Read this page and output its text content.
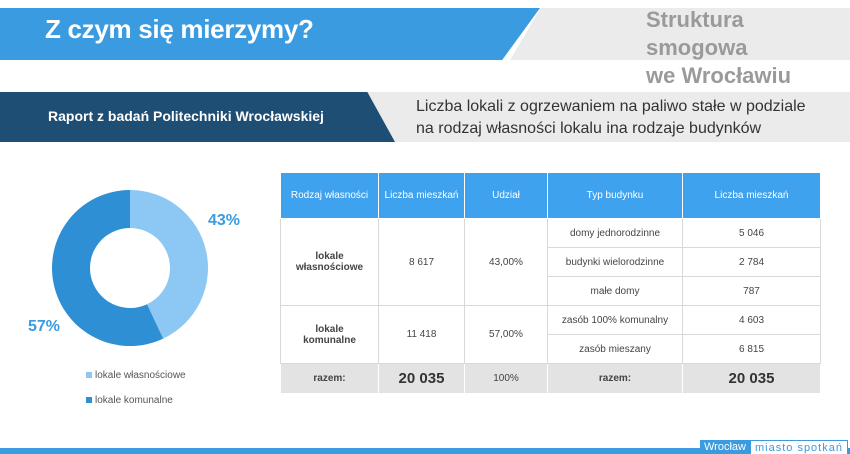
Z czym się mierzymy?	Struktura smogowa
we Wrocławiu
Raport z badań Politechniki Wrocławskiej
Liczba lokali z ogrzewaniem na paliwo stałe w podziale
na rodzaj własności lokalu ina rodzaje budynków
43%
57%
lokale własnościowe
lokale komunalne
Rodzaj własności	Liczba mieszkań	Udział	Typ budynku	Liczba mieszkań
lokale
własnościowe	8 617	43,00%	domy jednorodzinne	5 046
			budynki wielorodzinne	2 784
			małe domy	787
lokale
komunalne	11 418	57,00%	zasób 100% komunalny	4 603
			zasób mieszany	6 815
razem:	20 035	100%	razem:	20 035
Wrocław miasto spotkań
